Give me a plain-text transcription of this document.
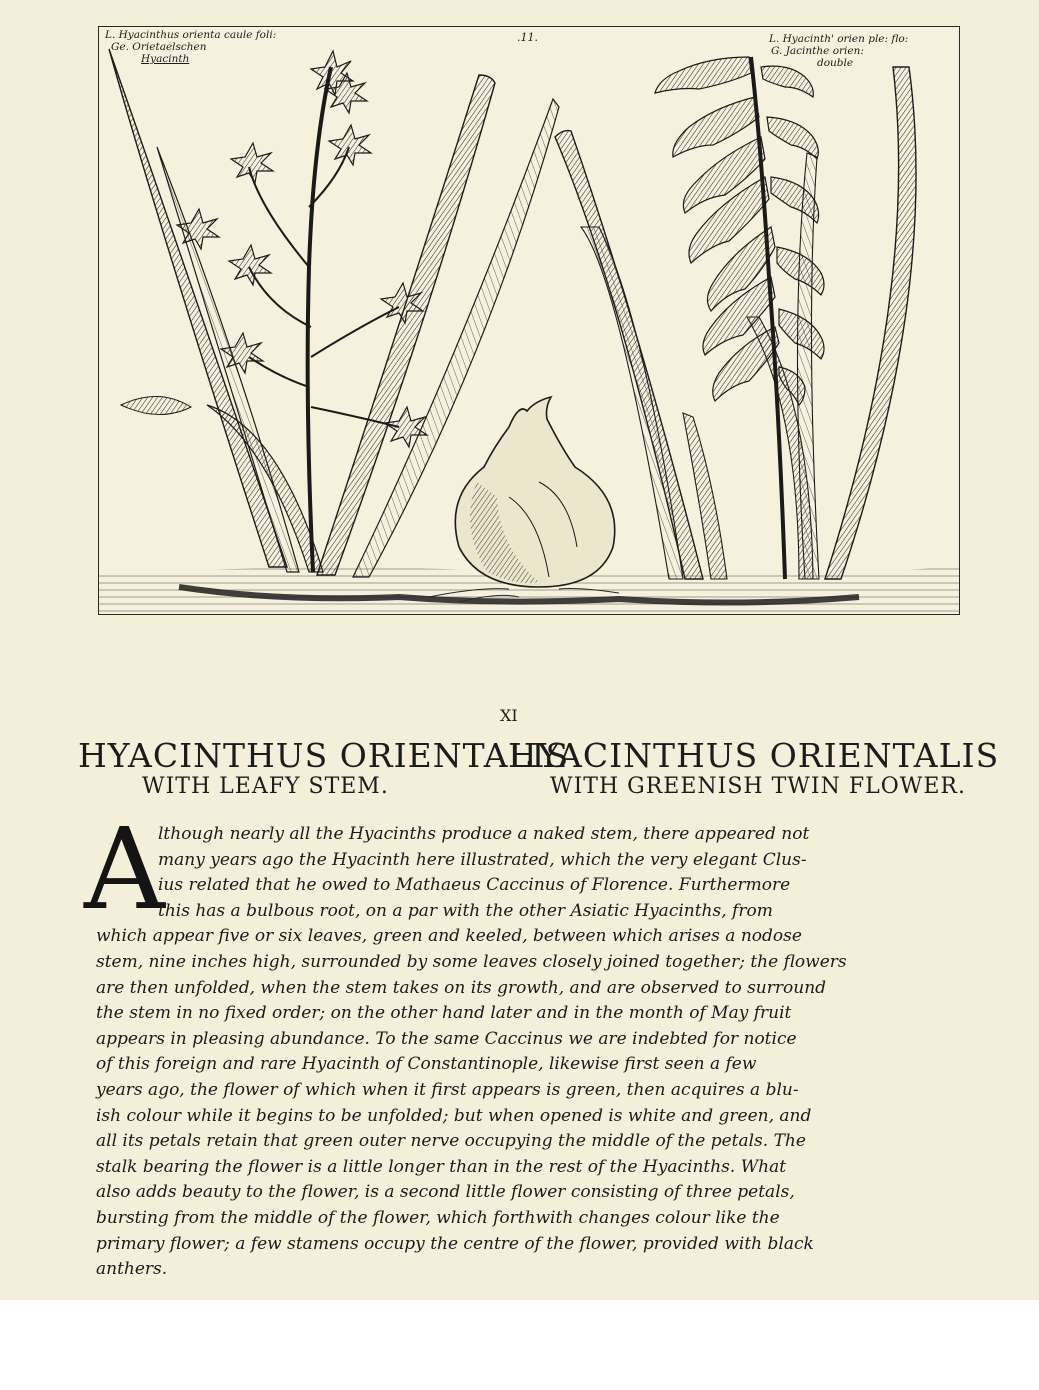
L. Hyacinthus orienta caule foli:
Ge. Orietaelschen
Hyacinth
.11.	L. Hyacinth' orien ple: flo:
G. Jacinthe orien:
double
XI
HYACINTHUS ORIENTALIS
HYACINTHUS ORIENTALIS
WITH LEAFY STEM.	WITH GREENISH TWIN FLOWER.
A
lthough nearly all the Hyacinths produce a naked stem, there appeared not
many years ago the Hyacinth here illustrated, which the very elegant Clus-
ius related that he owed to Mathaeus Caccinus of Florence. Furthermore
this has a bulbous root, on a par with the other Asiatic Hyacinths, from
which appear five or six leaves, green and keeled, between which arises a nodose
stem, nine inches high, surrounded by some leaves closely joined together; the flowers
are then unfolded, when the stem takes on its growth, and are observed to surround
the stem in no fixed order; on the other hand later and in the month of May fruit
appears in pleasing abundance. To the same Caccinus we are indebted for notice
of this foreign and rare Hyacinth of Constantinople, likewise first seen a few
years ago, the flower of which when it first appears is green, then acquires a blu-
ish colour while it begins to be unfolded; but when opened is white and green, and
all its petals retain that green outer nerve occupying the middle of the petals. The
stalk bearing the flower is a little longer than in the rest of the Hyacinths. What
also adds beauty to the flower, is a second little flower consisting of three petals,
bursting from the middle of the flower, which forthwith changes colour like the
primary flower; a few stamens occupy the centre of the flower, provided with black
anthers.
